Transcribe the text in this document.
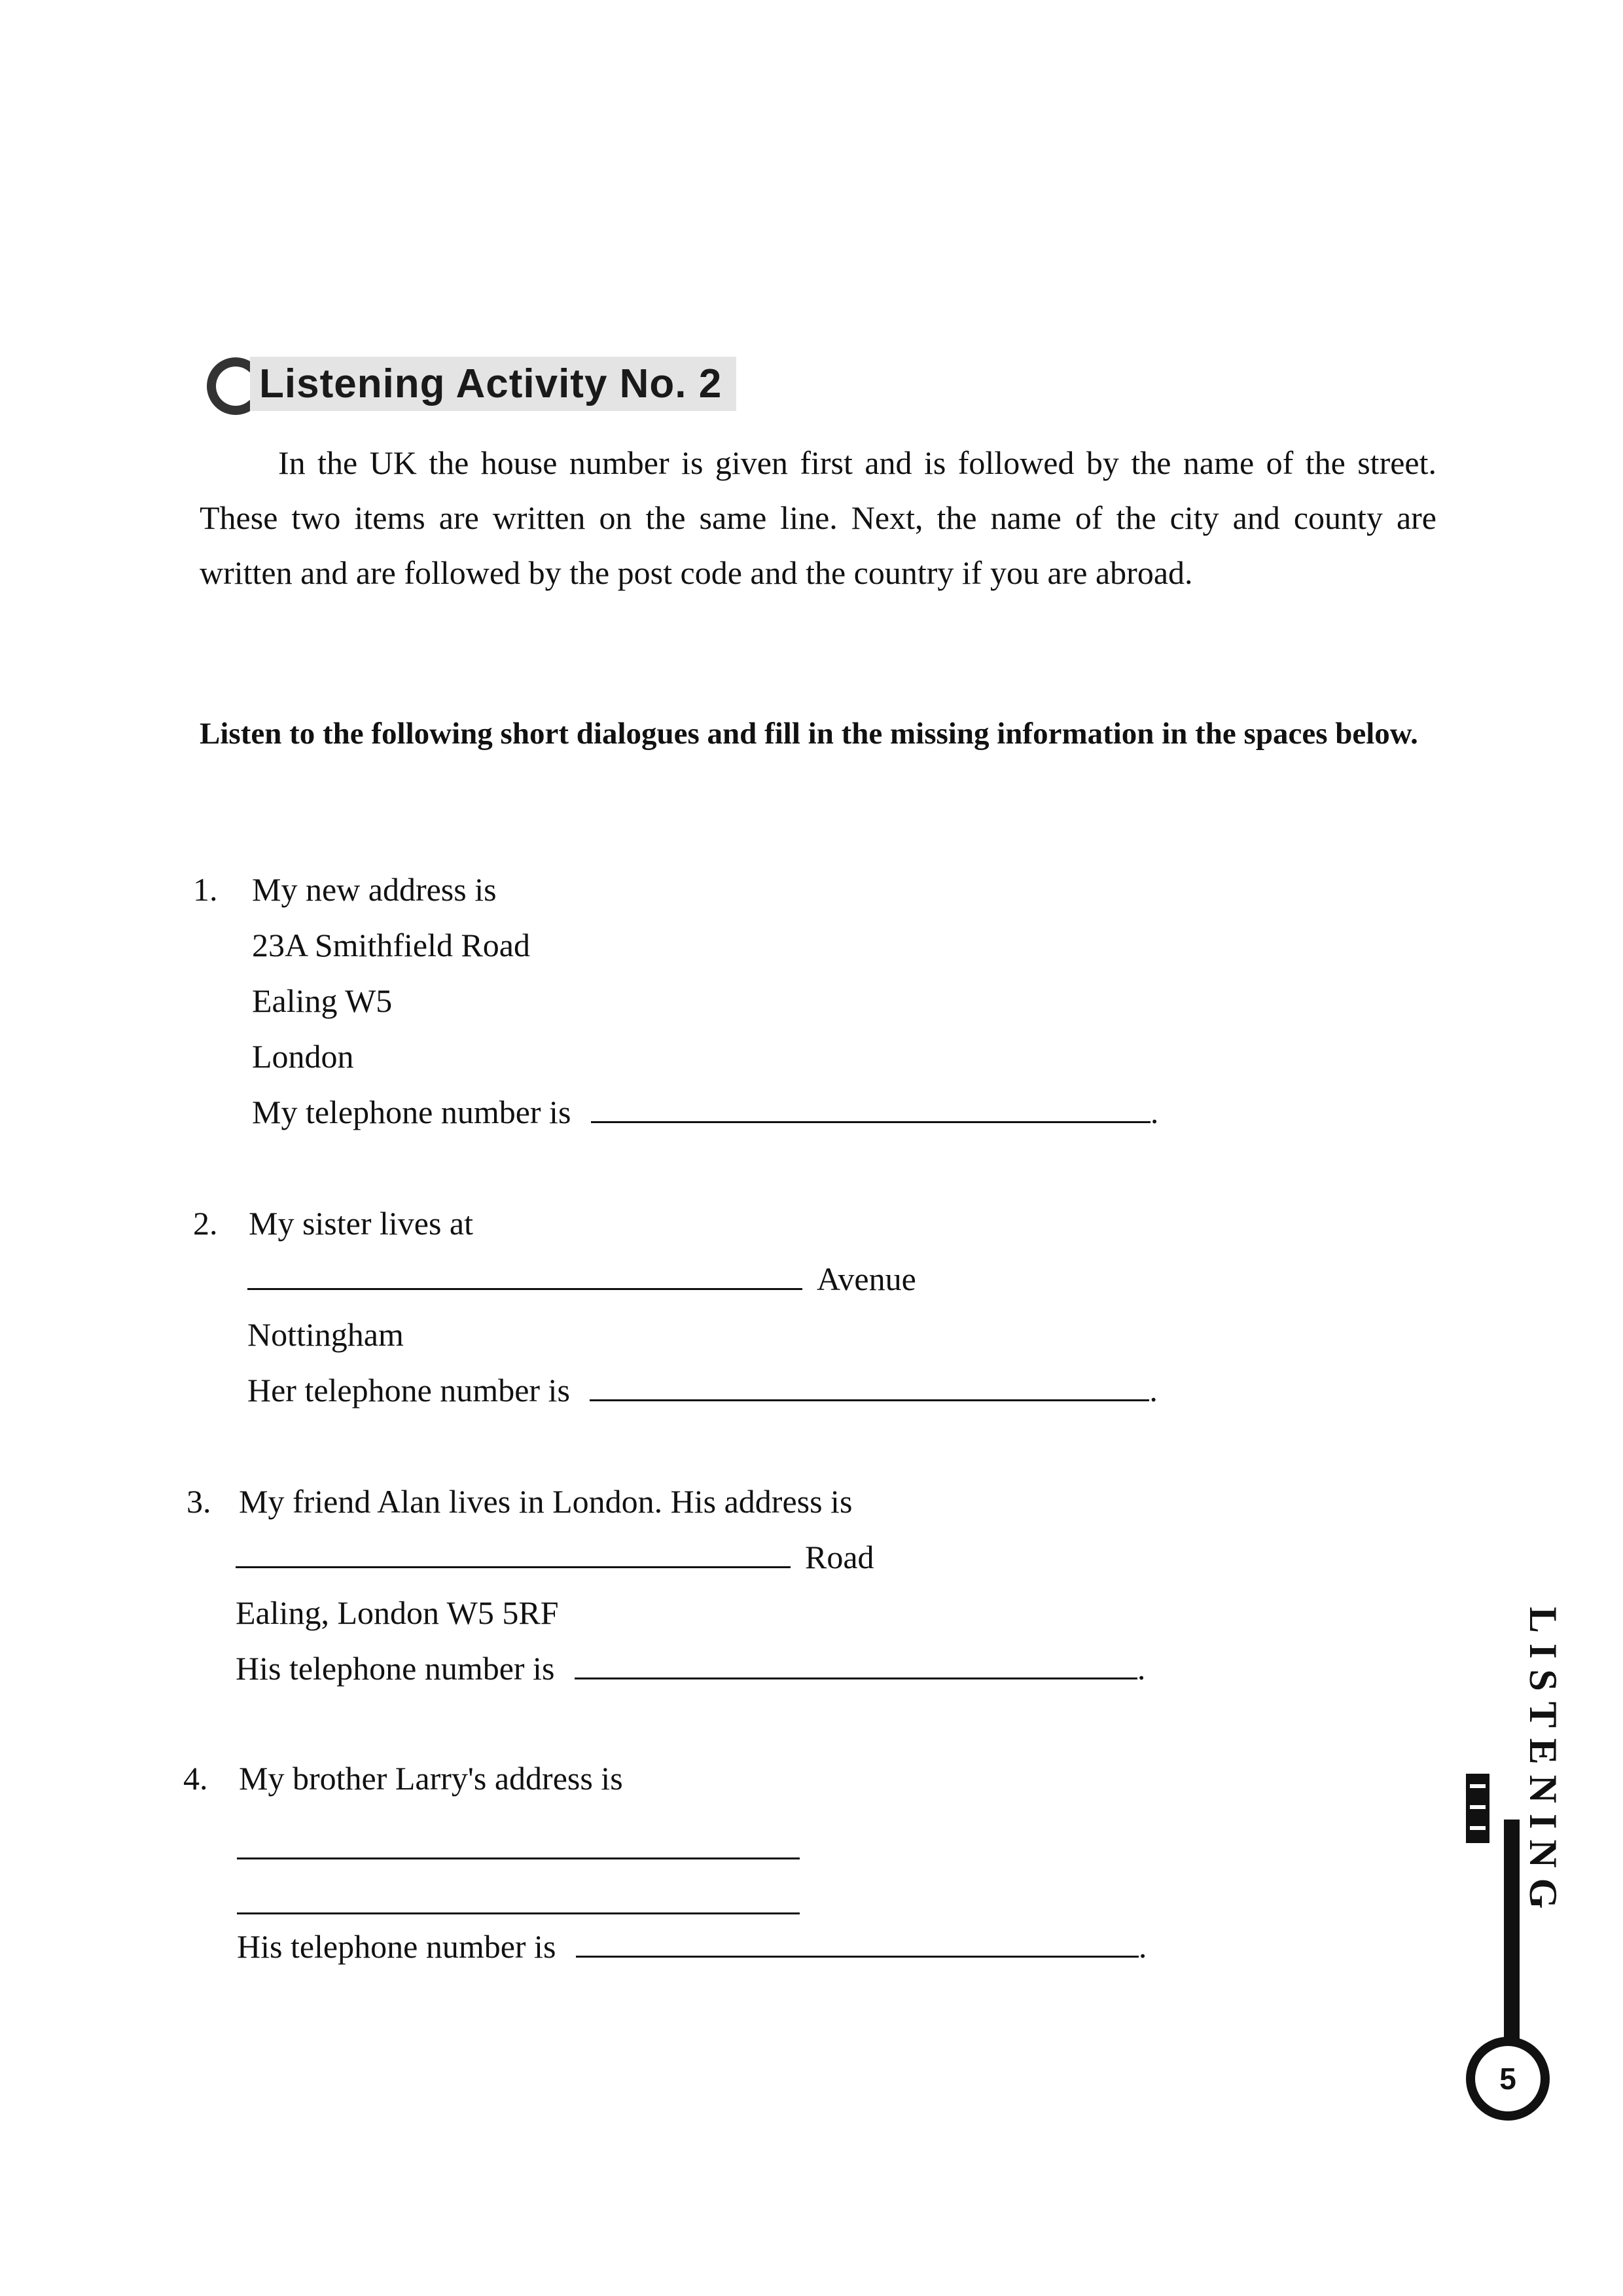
Listening Activity No. 2

In the UK the house number is given first and is followed by the name of the street. These two items are written on the same line. Next, the name of the city and county are written and are followed by the post code and the country if you are abroad.

Listen to the following short dialogues and fill in the missing information in the spaces below.

1. My new address is
23A Smithfield Road
Ealing W5
London
My telephone number is	.
2. My sister lives at
Avenue
Nottingham
Her telephone number is	.
3. My friend Alan lives in London. His address is
Road
Ealing, London W5 5RF
His telephone number is	.
4. My brother Larry's address is
His telephone number is	.
LISTENING
5
